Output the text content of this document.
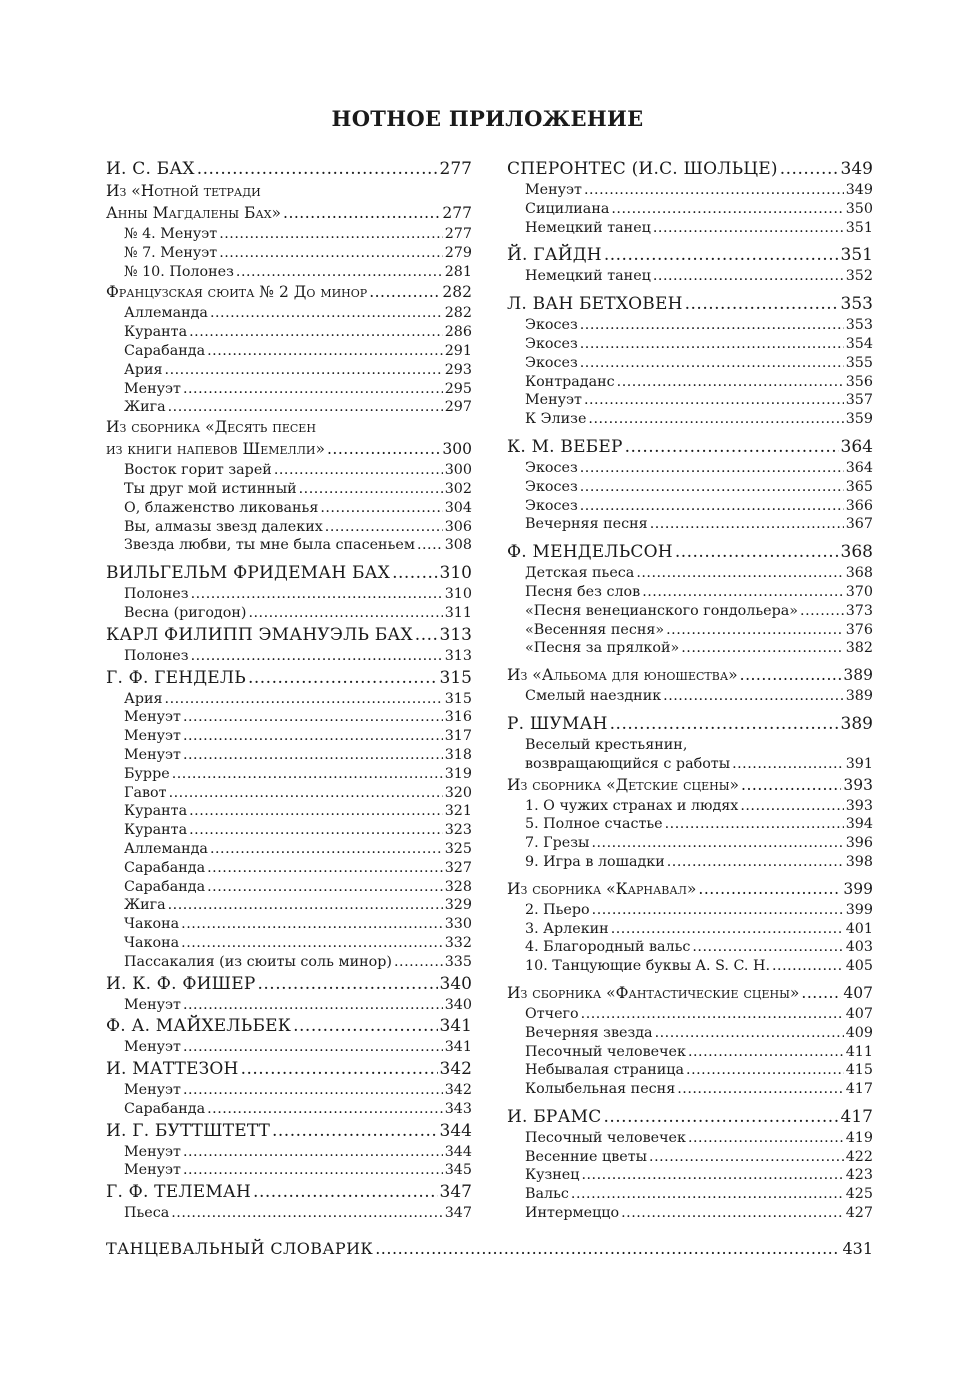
НОТНОЕ ПРИЛОЖЕНИЕ
И. С. БАХ .....	277
Из «Нотной тетради
Анны Магдалены Бах» .....	277
№ 4. Менуэт .....	277
№ 7. Менуэт .....	279
№ 10. Полонез .....	281
Французская сюита № 2 До минор .....	282
Аллеманда .....	282
Куранта .....	286
Сарабанда .....	291
Ария .....	293
Менуэт .....	295
Жига .....	297
Из сборника «Десять песен
из книги напевов Шемелли» .....	300
Восток горит зарей .....	300
Ты друг мой истинный .....	302
О, блаженство ликованья .....	304
Вы, алмазы звезд далеких .....	306
Звезда любви, ты мне была спасеньем ..... 308
ВИЛЬГЕЛЬМ ФРИДЕМАН БАХ .....	310
Полонез .....	310
Весна (ригодон) .....	311
КАРЛ ФИЛИПП ЭМАНУЭЛЬ БАХ ..... 313
Полонез .....	313
Г. Ф. ГЕНДЕЛЬ .....	315
Ария .....	315
Менуэт .....	316
Менуэт .....	317
Менуэт .....	318
Бурре .....	319
Гавот .....	320
Куранта .....	321
Куранта .....	323
Аллеманда .....	325
Сарабанда .....	327
Сарабанда .....	328
Жига .....	329
Чакона .....	330
Чакона .....	332
Пассакалия (из сюиты соль минор) .....	335
И. К. Ф. ФИШЕР .....	340
Менуэт .....	340
Ф. А. МАЙХЕЛЬБЕК .....	341
Менуэт .....	341
И. МАТТЕЗОН .....	342
Менуэт .....	342
Сарабанда .....	343
И. Г. БУТТШТЕТТ .....	344
Менуэт .....	344
Менуэт .....	345
Г. Ф. ТЕЛЕМАН .....	347
Пьеса .....	347
СПЕРОНТЕС (И.С. ШОЛЬЦЕ) .....	349
Менуэт .....	349
Сицилиана .....	350
Немецкий танец .....	351
Й. ГАЙДН .....	351
Немецкий танец .....	352
Л. ВАН БЕТХОВЕН .....	353
Экосез .....	353
Экосез .....	354
Экосез .....	355
Контраданс .....	356
Менуэт .....	357
К Элизе .....	359
К. М. ВЕБЕР .....	364
Экосез .....	364
Экосез .....	365
Экосез .....	366
Вечерняя песня .....	367
Ф. МЕНДЕЛЬСОН .....	368
Детская пьеса .....	368
Песня без слов .....	370
«Песня венецианского гондольера» .....	373
«Весенняя песня» .....	376
«Песня за прялкой» .....	382
Из «Альбома для юношества» .....	389
Смелый наездник .....	389
Р. ШУМАН .....	389
Веселый крестьянин,
возвращающийся с работы .....	391
Из сборника «Детские сцены» .....	393
1. О чужих странах и людях .....	393
5. Полное счастье .....	394
7. Грезы .....	396
9. Игра в лошадки .....	398
Из сборника «Карнавал» .....	399
2. Пьеро .....	399
3. Арлекин .....	401
4. Благородный вальс .....	403
10. Танцующие буквы A. S. C. H. .....	405
Из сборника «Фантастические сцены» .....	407
Отчего .....	407
Вечерняя звезда .....	409
Песочный человечек .....	411
Небывалая страница .....	415
Колыбельная песня .....	417
И. БРАМС .....	417
Песочный человечек .....	419
Весенние цветы .....	422
Кузнец .....	423
Вальс .....	425
Интермеццо .....	427
ТАНЦЕВАЛЬНЫЙ СЛОВАРИК .....	431
